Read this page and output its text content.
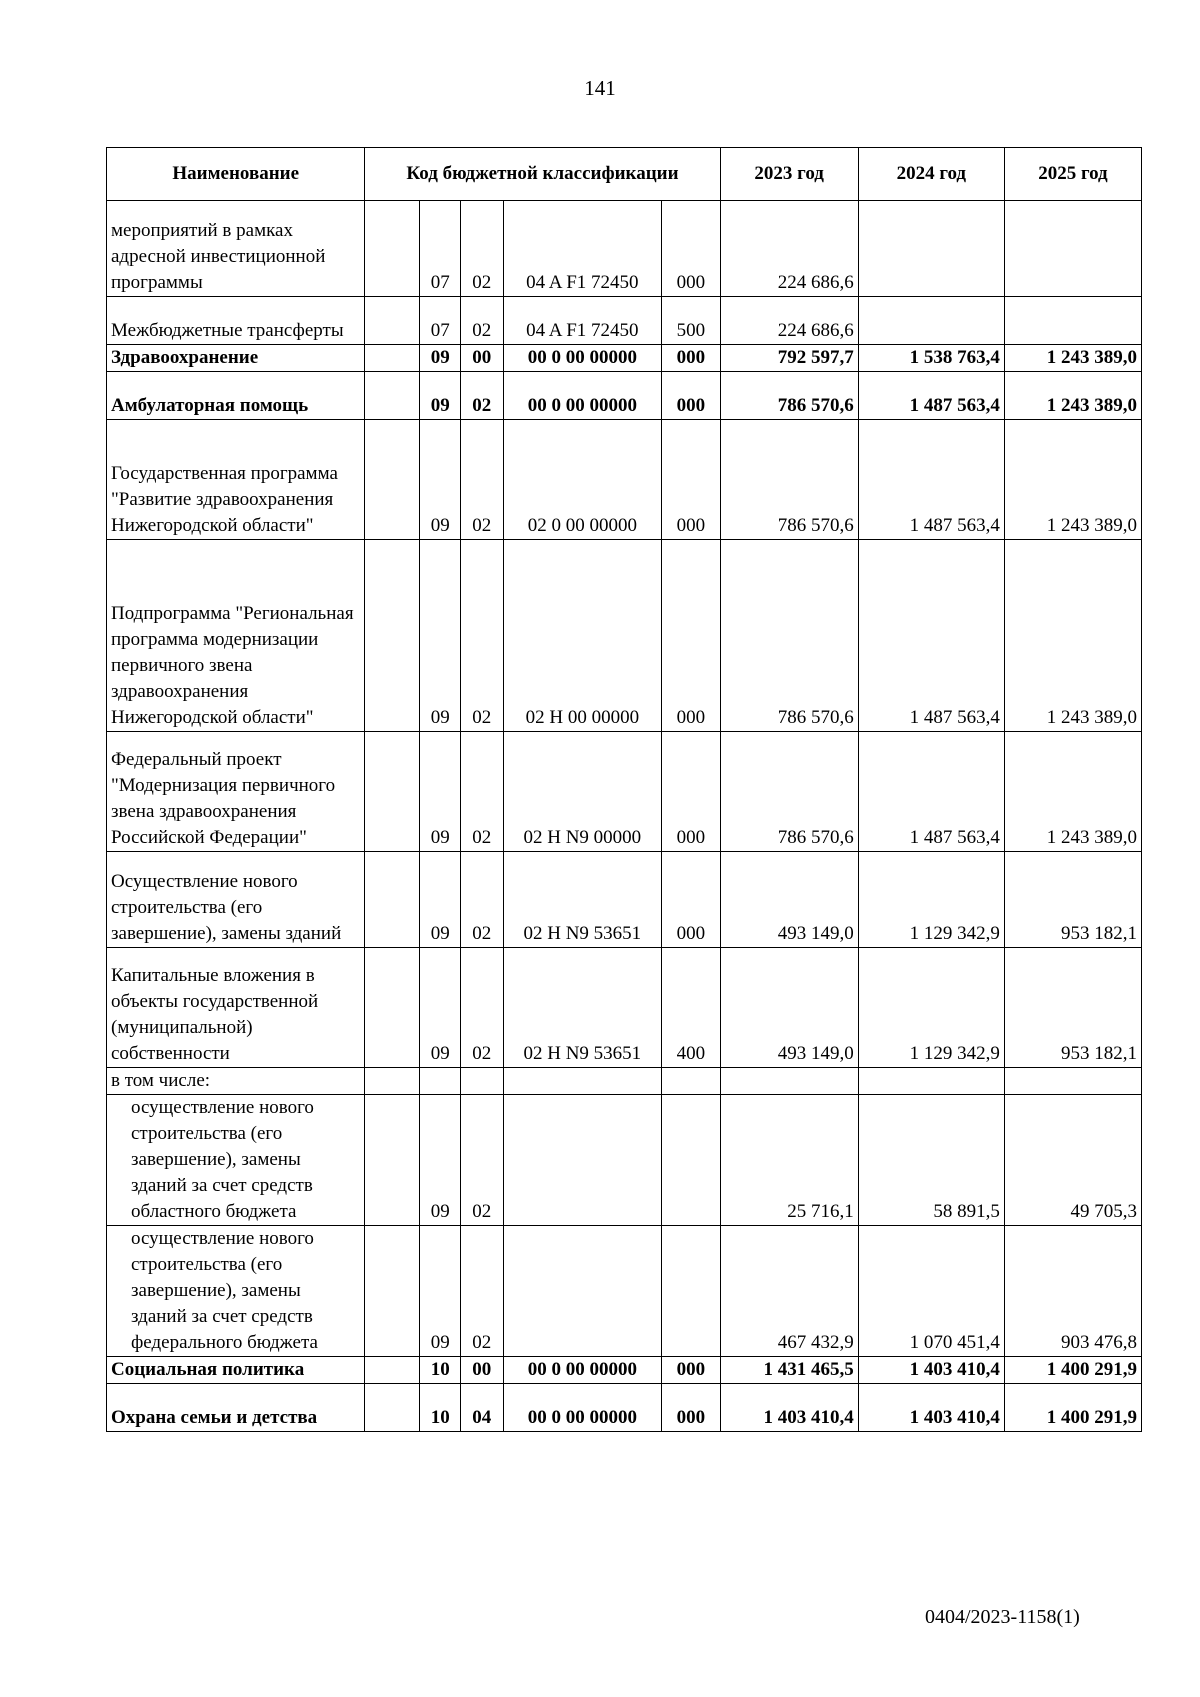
141
Наименование	Код бюджетной классификации					2023 год	2024 год	2025 год
мероприятий в рамках адресной инвестиционной программы		07	02	04 A F1 72450	000	224 686,6		
Межбюджетные трансферты		07	02	04 A F1 72450	500	224 686,6		
Здравоохранение		09	00	00 0 00 00000	000	792 597,7	1 538 763,4	1 243 389,0
Амбулаторная помощь		09	02	00 0 00 00000	000	786 570,6	1 487 563,4	1 243 389,0
Государственная программа "Развитие здравоохранения Нижегородской области"		09	02	02 0 00 00000	000	786 570,6	1 487 563,4	1 243 389,0
Подпрограмма "Региональная программа модернизации первичного звена здравоохранения Нижегородской области"		09	02	02 Н 00 00000	000	786 570,6	1 487 563,4	1 243 389,0
Федеральный проект "Модернизация первичного звена здравоохранения Российской Федерации"		09	02	02 Н N9 00000	000	786 570,6	1 487 563,4	1 243 389,0
Осуществление нового строительства (его завершение), замены зданий		09	02	02 Н N9 53651	000	493 149,0	1 129 342,9	953 182,1
Капитальные вложения в объекты государственной (муниципальной) собственности		09	02	02 Н N9 53651	400	493 149,0	1 129 342,9	953 182,1
в том числе:								
осуществление нового строительства (его завершение), замены зданий за счет средств областного бюджета		09	02			25 716,1	58 891,5	49 705,3
осуществление нового строительства (его завершение), замены зданий за счет средств федерального бюджета		09	02			467 432,9	1 070 451,4	903 476,8
Социальная политика		10	00	00 0 00 00000	000	1 431 465,5	1 403 410,4	1 400 291,9
Охрана семьи и детства		10	04	00 0 00 00000	000	1 403 410,4	1 403 410,4	1 400 291,9
0404/2023-1158(1)
